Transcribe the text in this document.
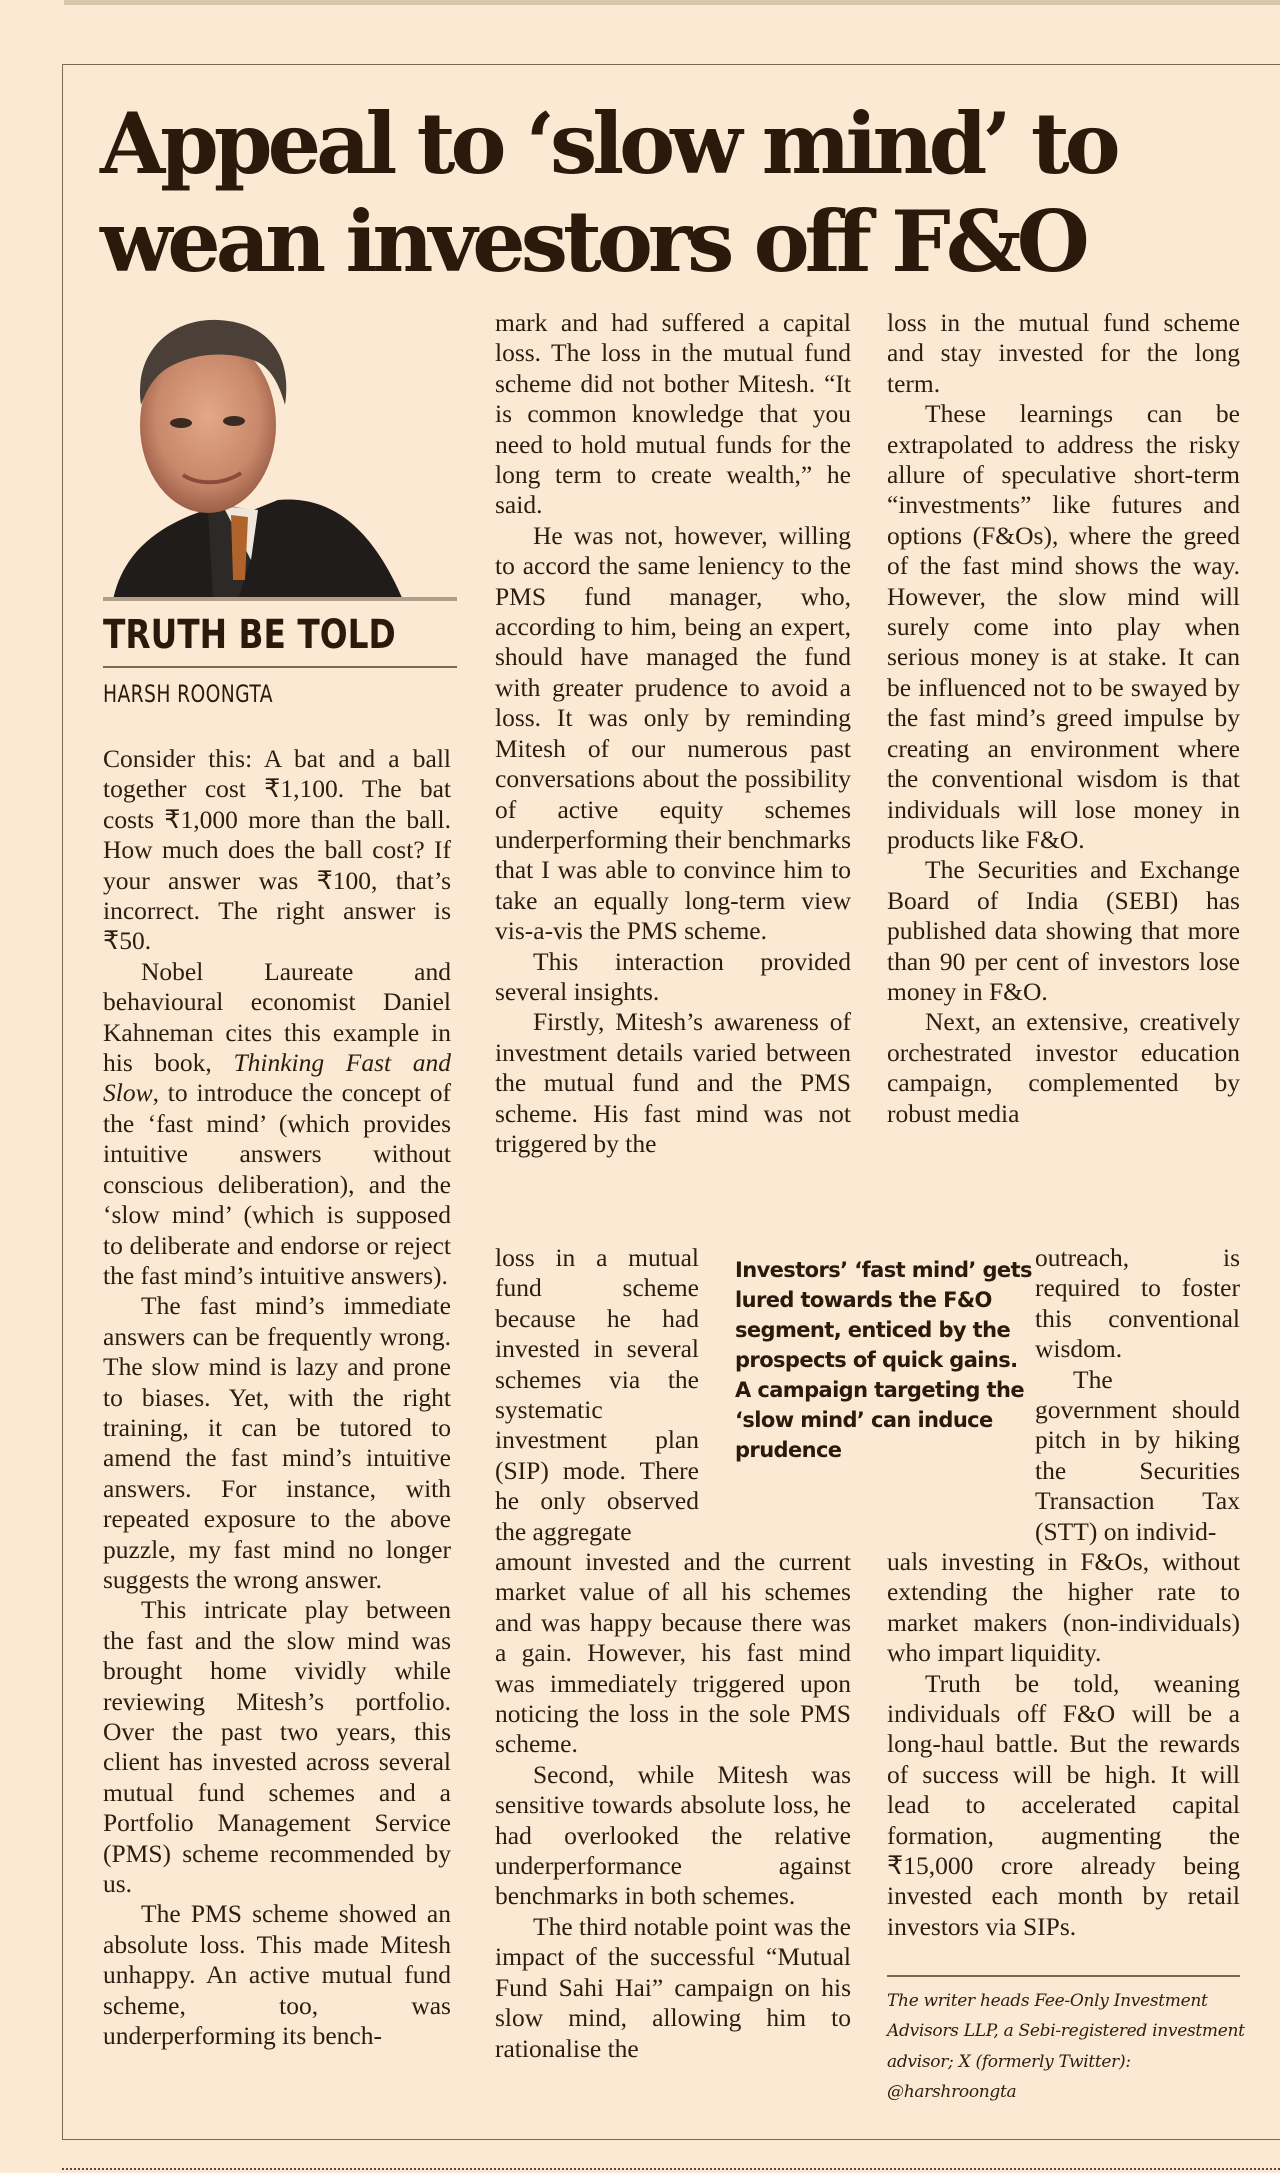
Appeal to ‘slow mind’ to wean investors off F&O
TRUTH BE TOLD

HARSH ROONGTA

Consider this: A bat and a ball together cost ₹1,100. The bat costs ₹1,000 more than the ball. How much does the ball cost? If your answer was ₹100, that’s incorrect. The right answer is ₹50.

Nobel Laureate and behavioural economist Daniel Kahneman cites this example in his book, Thinking Fast and Slow, to introduce the concept of the ‘fast mind’ (which provides intuitive answers without conscious deliberation), and the ‘slow mind’ (which is supposed to deliberate and endorse or reject the fast mind’s intuitive answers).

The fast mind’s immediate answers can be frequently wrong. The slow mind is lazy and prone to biases. Yet, with the right training, it can be tutored to amend the fast mind’s intuitive answers. For instance, with repeated exposure to the above puzzle, my fast mind no longer suggests the wrong answer.

This intricate play between the fast and the slow mind was brought home vividly while reviewing Mitesh’s portfolio. Over the past two years, this client has invested across several mutual fund schemes and a Portfolio Management Service (PMS) scheme recommended by us.

The PMS scheme showed an absolute loss. This made Mitesh unhappy. An active mutual fund scheme, too, was underperforming its bench-

mark and had suffered a capital loss. The loss in the mutual fund scheme did not bother Mitesh. “It is common knowledge that you need to hold mutual funds for the long term to create wealth,” he said.

He was not, however, willing to accord the same leniency to the PMS fund manager, who, according to him, being an expert, should have managed the fund with greater prudence to avoid a loss. It was only by reminding Mitesh of our numerous past conversations about the possibility of active equity schemes underperforming their benchmarks that I was able to convince him to take an equally long-term view vis-a-vis the PMS scheme.

This interaction provided several insights.

Firstly, Mitesh’s awareness of investment details varied between the mutual fund and the PMS scheme. His fast mind was not triggered by the

loss in a mutual fund scheme because he had invested in several schemes via the systematic investment plan (SIP) mode. There he only observed the aggregate

amount invested and the current market value of all his schemes and was happy because there was a gain. However, his fast mind was immediately triggered upon noticing the loss in the sole PMS scheme.

Second, while Mitesh was sensitive towards absolute loss, he had overlooked the relative underperformance against benchmarks in both schemes.

The third notable point was the impact of the successful “Mutual Fund Sahi Hai” campaign on his slow mind, allowing him to rationalise the

Investors’ ‘fast mind’ gets lured towards the F&O segment, enticed by the prospects of quick gains. A campaign targeting the ‘slow mind’ can induce prudence

loss in the mutual fund scheme and stay invested for the long term.

These learnings can be extrapolated to address the risky allure of speculative short-term “investments” like futures and options (F&Os), where the greed of the fast mind shows the way. However, the slow mind will surely come into play when serious money is at stake. It can be influenced not to be swayed by the fast mind’s greed impulse by creating an environment where the conventional wisdom is that individuals will lose money in products like F&O.

The Securities and Exchange Board of India (SEBI) has published data showing that more than 90 per cent of investors lose money in F&O.

Next, an extensive, creatively orchestrated investor education campaign, complemented by robust media

outreach, is required to foster this conventional wisdom.

The government should pitch in by hiking the Securities Transaction Tax (STT) on individ-

uals investing in F&Os, without extending the higher rate to market makers (non-individuals) who impart liquidity.

Truth be told, weaning individuals off F&O will be a long-haul battle. But the rewards of success will be high. It will lead to accelerated capital formation, augmenting the ₹15,000 crore already being invested each month by retail investors via SIPs.

The writer heads Fee-Only Investment Advisors LLP, a Sebi-registered investment advisor; X (formerly Twitter): @harshroongta
